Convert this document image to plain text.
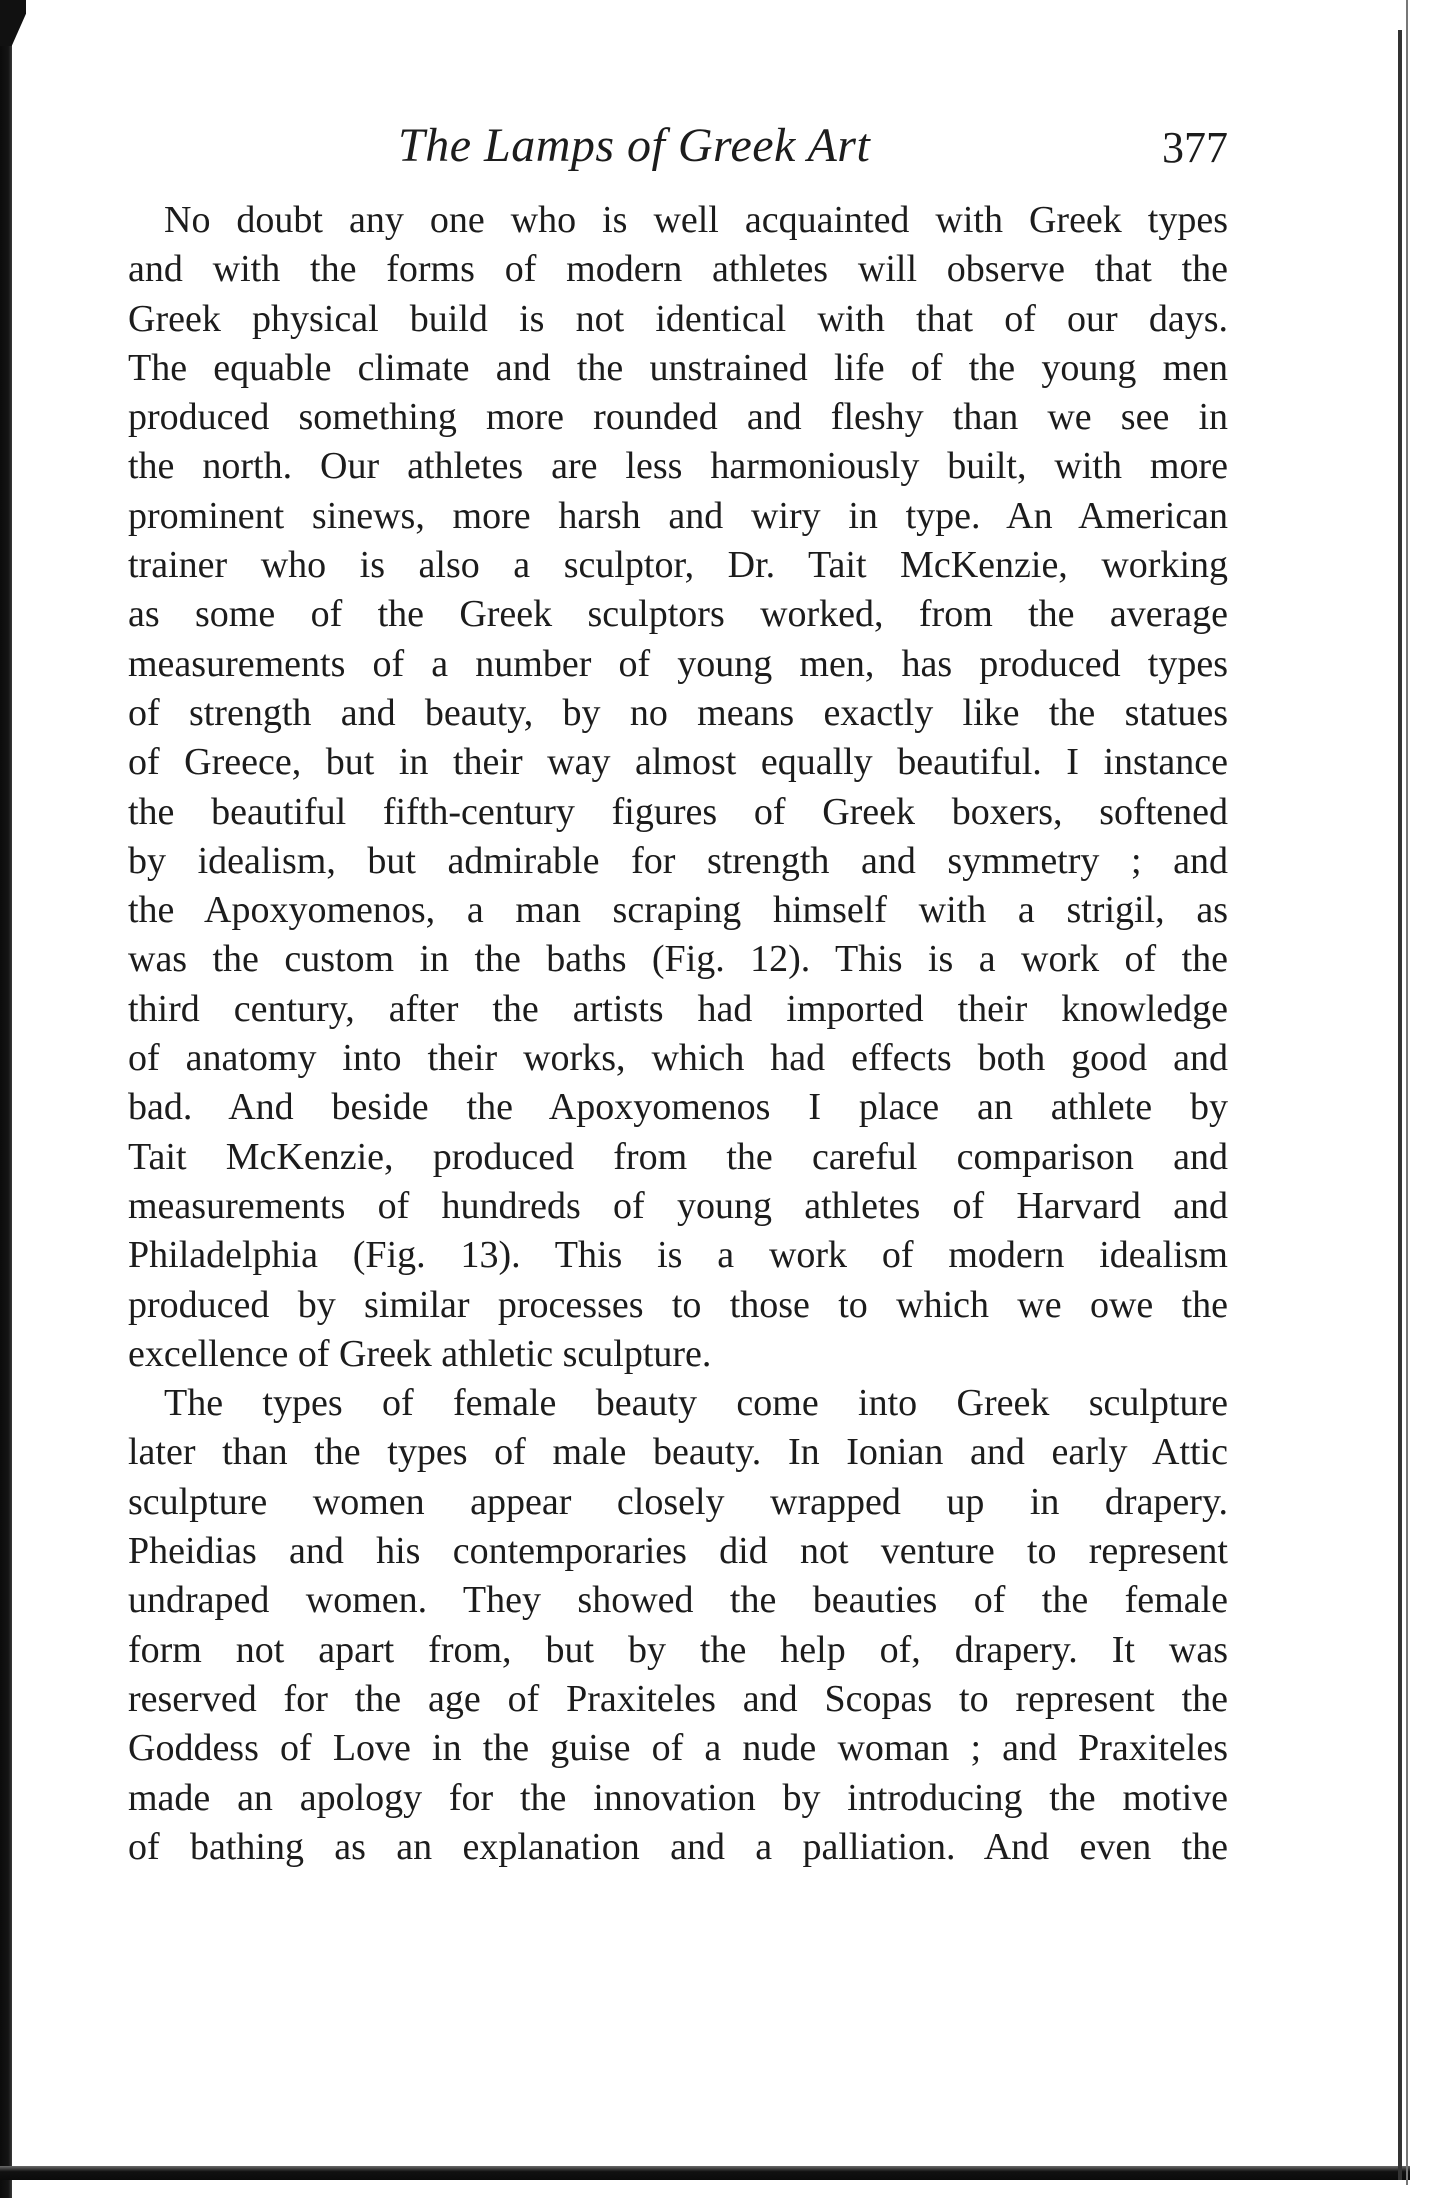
The Lamps of Greek Art	377
No doubt any one who is well acquainted with Greek types
and with the forms of modern athletes will observe that the
Greek physical build is not identical with that of our days.
The equable climate and the unstrained life of the young men
produced something more rounded and fleshy than we see in
the north. Our athletes are less harmoniously built, with more
prominent sinews, more harsh and wiry in type. An American
trainer who is also a sculptor, Dr. Tait McKenzie, working
as some of the Greek sculptors worked, from the average
measurements of a number of young men, has produced types
of strength and beauty, by no means exactly like the statues
of Greece, but in their way almost equally beautiful. I instance
the beautiful fifth-century figures of Greek boxers, softened
by idealism, but admirable for strength and symmetry ; and
the Apoxyomenos, a man scraping himself with a strigil, as
was the custom in the baths (Fig. 12). This is a work of the
third century, after the artists had imported their knowledge
of anatomy into their works, which had effects both good and
bad. And beside the Apoxyomenos I place an athlete by
Tait McKenzie, produced from the careful comparison and
measurements of hundreds of young athletes of Harvard and
Philadelphia (Fig. 13). This is a work of modern idealism
produced by similar processes to those to which we owe the
excellence of Greek athletic sculpture.
The types of female beauty come into Greek sculpture
later than the types of male beauty. In Ionian and early Attic
sculpture women appear closely wrapped up in drapery.
Pheidias and his contemporaries did not venture to represent
undraped women. They showed the beauties of the female
form not apart from, but by the help of, drapery. It was
reserved for the age of Praxiteles and Scopas to represent the
Goddess of Love in the guise of a nude woman ; and Praxiteles
made an apology for the innovation by introducing the motive
of bathing as an explanation and a palliation. And even the
